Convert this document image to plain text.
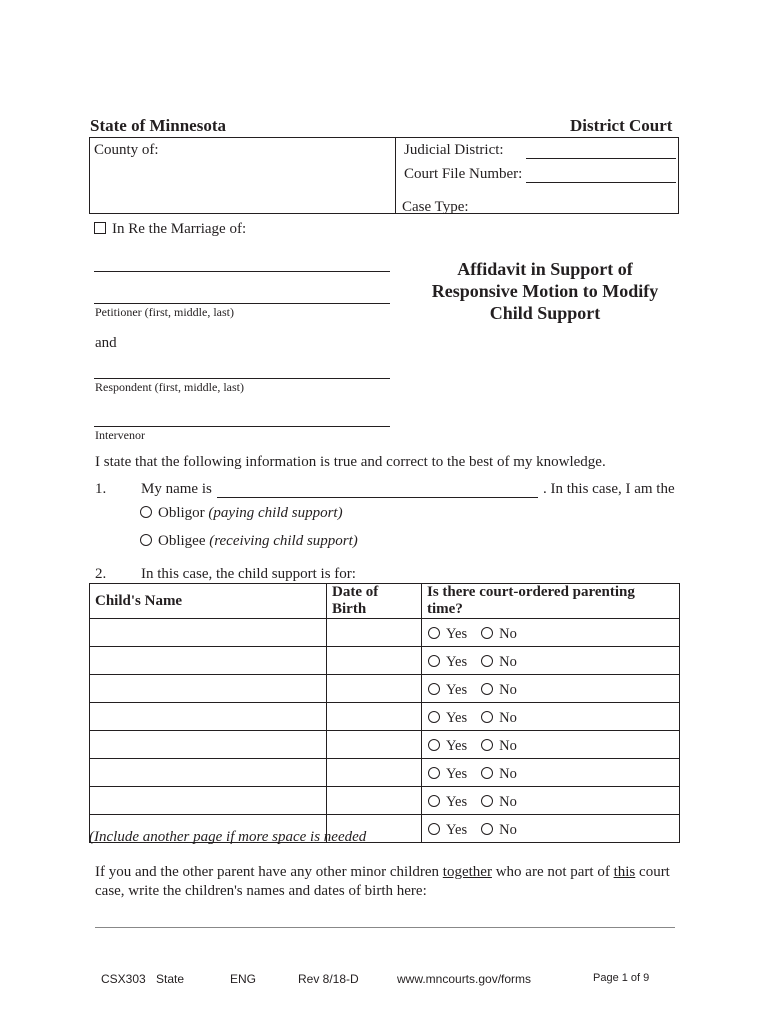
State of Minnesota	District Court
County of:	Judicial District:
Court File Number:
Case Type:
In Re the Marriage of:
Petitioner (first, middle, last)
and
Respondent (first, middle, last)
Intervenor
Affidavit in Support of
Responsive Motion to Modify
Child Support
I state that the following information is true and correct to the best of my knowledge.
1. My name is	. In this case, I am the
Obligor (paying child support)
Obligee (receiving child support)
2. In this case, the child support is for:
Child's Name	Date of Birth	Is there court-ordered parenting time?
		Yes No
		Yes No
		Yes No
		Yes No
		Yes No
		Yes No
		Yes No
		Yes No
(Include another page if more space is needed
If you and the other parent have any other minor children together who are not part of this court
case, write the children's names and dates of birth here:
CSX303 State	ENG	Rev 8/18-D	www.mncourts.gov/forms	Page 1 of 9
